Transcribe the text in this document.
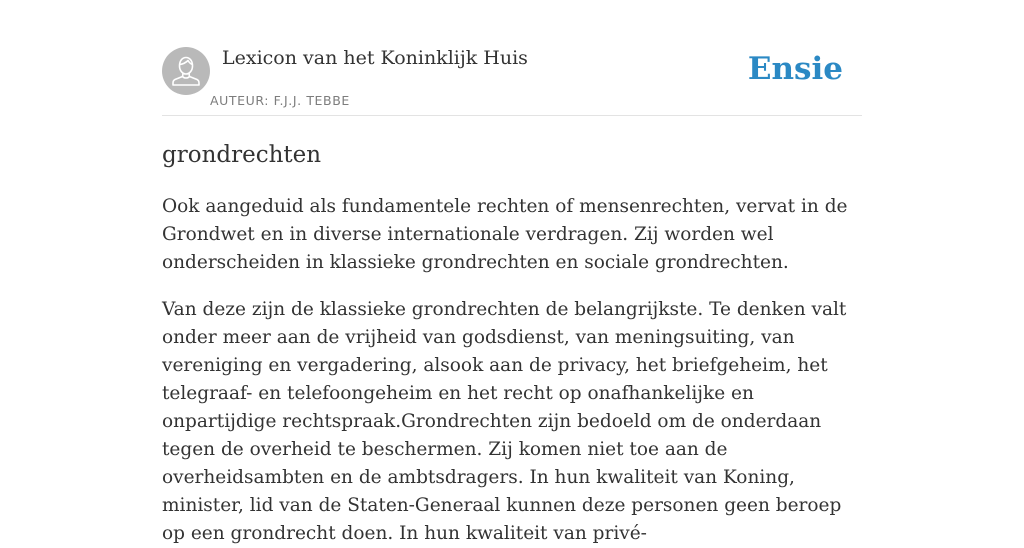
Lexicon van het Koninklijk Huis
AUTEUR: F.J.J. TEBBE
Ensie
grondrechten

Ook aangeduid als fundamentele rechten of mensenrechten, vervat in de Grondwet en in diverse internationale verdragen. Zij worden wel onderscheiden in klassieke grondrechten en sociale grondrechten.

Van deze zijn de klassieke grondrechten de belangrijkste. Te denken valt onder meer aan de vrijheid van godsdienst, van meningsuiting, van vereniging en vergadering, alsook aan de privacy, het briefgeheim, het telegraaf- en telefoongeheim en het recht op onafhankelijke en onpartijdige rechtspraak.Grondrechten zijn bedoeld om de onderdaan tegen de overheid te beschermen. Zij komen niet toe aan de overheidsambten en de ambtsdragers. In hun kwaliteit van Koning, minister, lid van de Staten-Generaal kunnen deze personen geen beroep op een grondrecht doen. In hun kwaliteit van privé-
